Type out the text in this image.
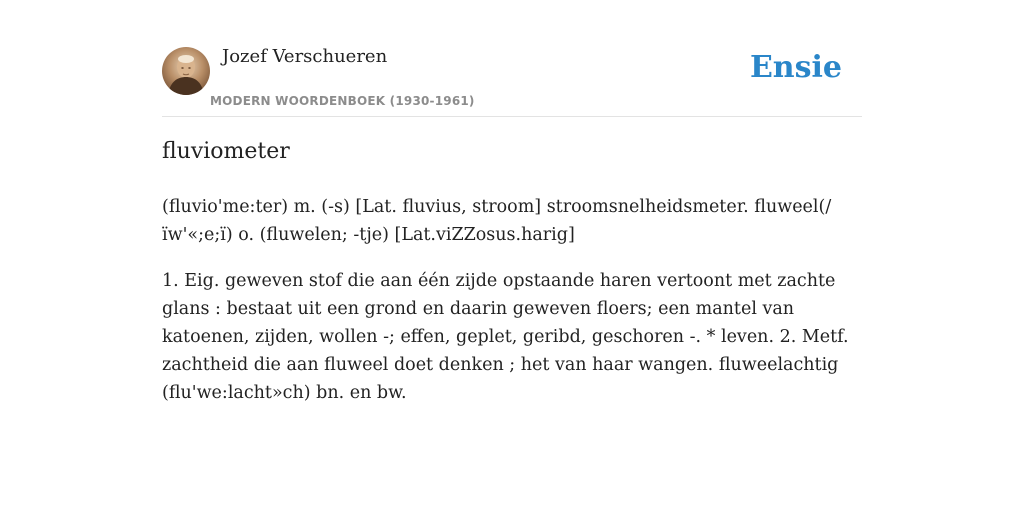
Jozef Verschueren
MODERN WOORDENBOEK (1930-1961)
Ensie
fluviometer

(fluvio'me:ter) m. (-s) [Lat. fluvius, stroom] stroomsnelheidsmeter. fluweel(/ ïw'«;e;ï) o. (fluwelen; -tje) [Lat.viZZosus.harig]

1. Eig. geweven stof die aan één zijde opstaande haren vertoont met zachte glans : bestaat uit een grond en daarin geweven floers; een mantel van katoenen, zijden, wollen -; effen, geplet, geribd, geschoren -. * leven. 2. Metf. zachtheid die aan fluweel doet denken ; het van haar wangen. fluweelachtig (flu'we:lacht»ch) bn. en bw.
